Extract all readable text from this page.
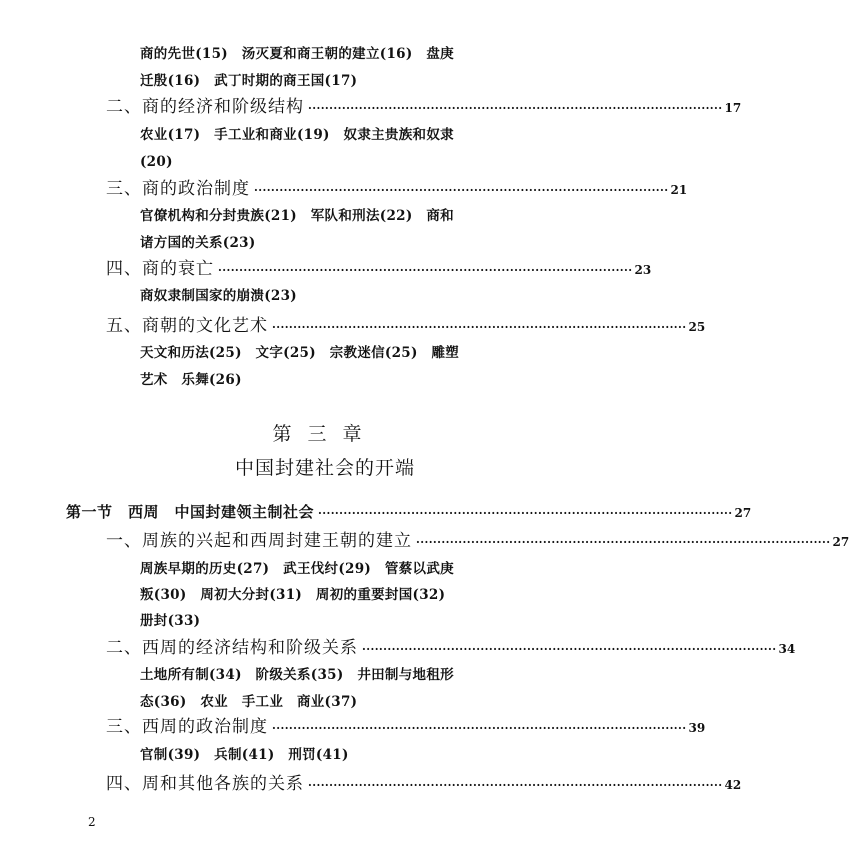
商的先世(15)　汤灭夏和商王朝的建立(16)　盘庚
迁殷(16)　武丁时期的商王国(17)
二、商的经济和阶级结构 ·································································································· 17
农业(17)　手工业和商业(19)　奴隶主贵族和奴隶
(20)
三、商的政治制度 ·································································································· 21
官僚机构和分封贵族(21)　军队和刑法(22)　商和
诸方国的关系(23)
四、商的衰亡 ·································································································· 23
商奴隶制国家的崩溃(23)
五、商朝的文化艺术 ·································································································· 25
天文和历法(25)　文字(25)　宗教迷信(25)　雕塑
艺术　乐舞(26)
第三章
中国封建社会的开端
第一节　西周　中国封建领主制社会 ·································································································· 27
一、周族的兴起和西周封建王朝的建立 ·································································································· 27
周族早期的历史(27)　武王伐纣(29)　管蔡以武庚
叛(30)　周初大分封(31)　周初的重要封国(32)
册封(33)
二、西周的经济结构和阶级关系 ·································································································· 34
土地所有制(34)　阶级关系(35)　井田制与地租形
态(36)　农业　手工业　商业(37)
三、西周的政治制度 ·································································································· 39
官制(39)　兵制(41)　刑罚(41)
四、周和其他各族的关系 ·································································································· 42
2
